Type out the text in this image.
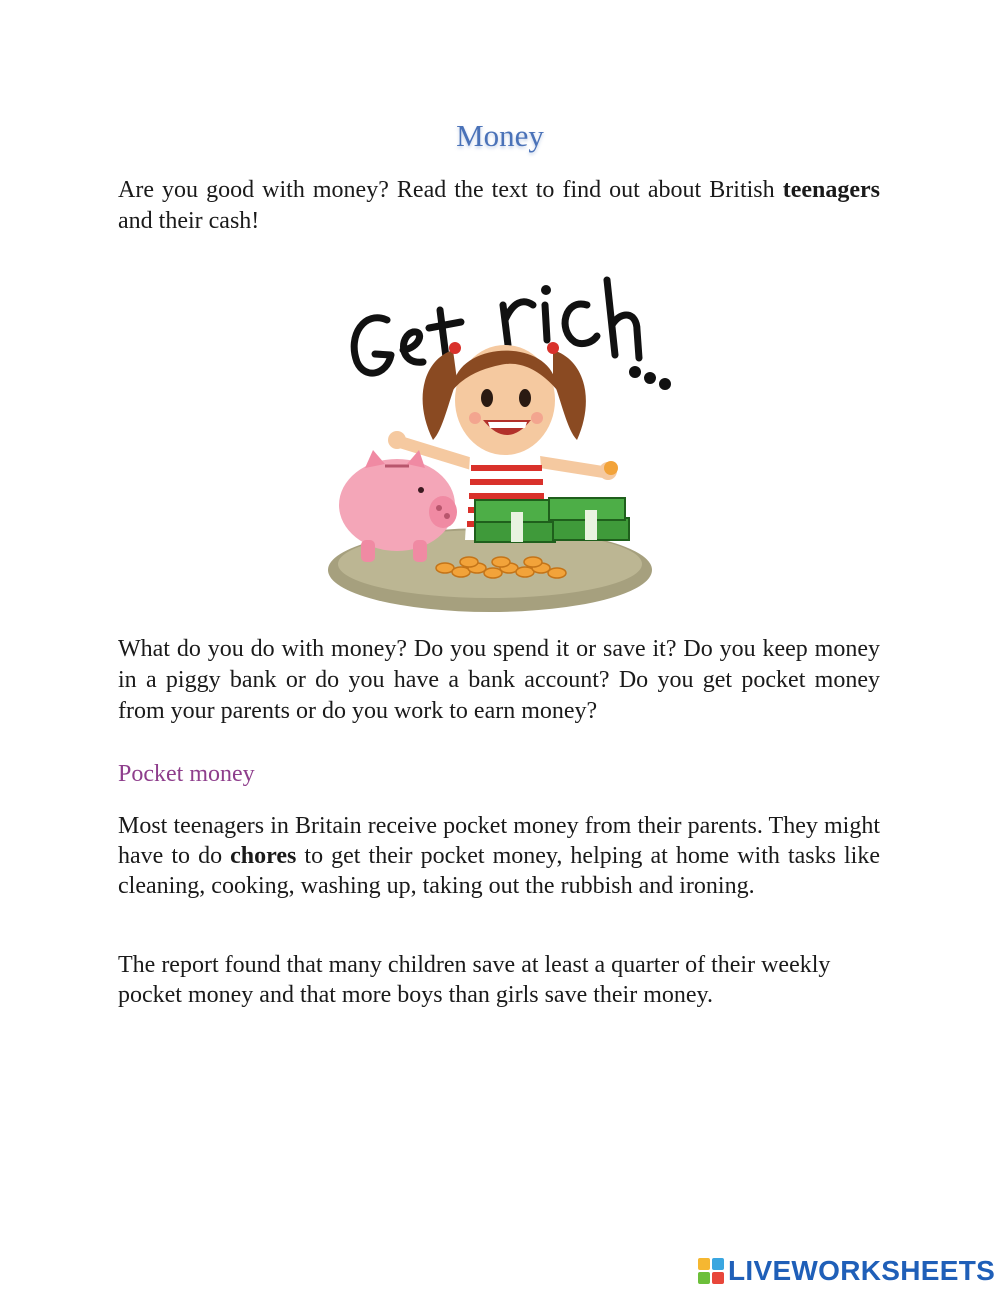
Money

Are you good with money? Read the text to find out about British teenagers and their cash!

What do you do with money? Do you spend it or save it? Do you keep money in a piggy bank or do you have a bank account? Do you get pocket money from your parents or do you work to earn money?

Pocket money

Most teenagers in Britain receive pocket money from their parents. They might have to do chores to get their pocket money, helping at home with tasks like cleaning, cooking, washing up, taking out the rubbish and ironing.

The report found that many children save at least a quarter of their weekly pocket money and that more boys than girls save their money.

LIVEWORKSHEETS
